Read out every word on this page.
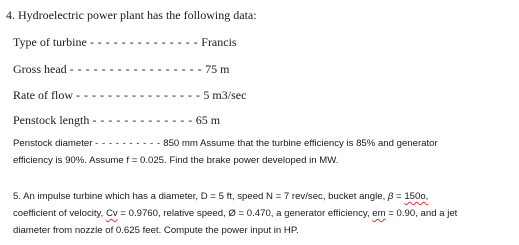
4. Hydroelectric power plant has the following data:
Type of turbine - - - - - - - - - - - - - - Francis
Gross head - - - - - - - - - - - - - - - - - 75 m
Rate of flow - - - - - - - - - - - - - - - - 5 m3/sec
Penstock length - - - - - - - - - - - - - 65 m
Penstock diameter - - - - - - - - - - 850 mm Assume that the turbine efficiency is 85% and generator
efficiency is 90%. Assume f = 0.025. Find the brake power developed in MW.
5. An impulse turbine which has a diameter, D = 5 ft, speed N = 7 rev/sec, bucket angle, β = 150o,
coefficient of velocity, Cv = 0.9760, relative speed, Ø = 0.470, a generator efficiency, em = 0.90, and a jet
diameter from nozzle of 0.625 feet. Compute the power input in HP.
